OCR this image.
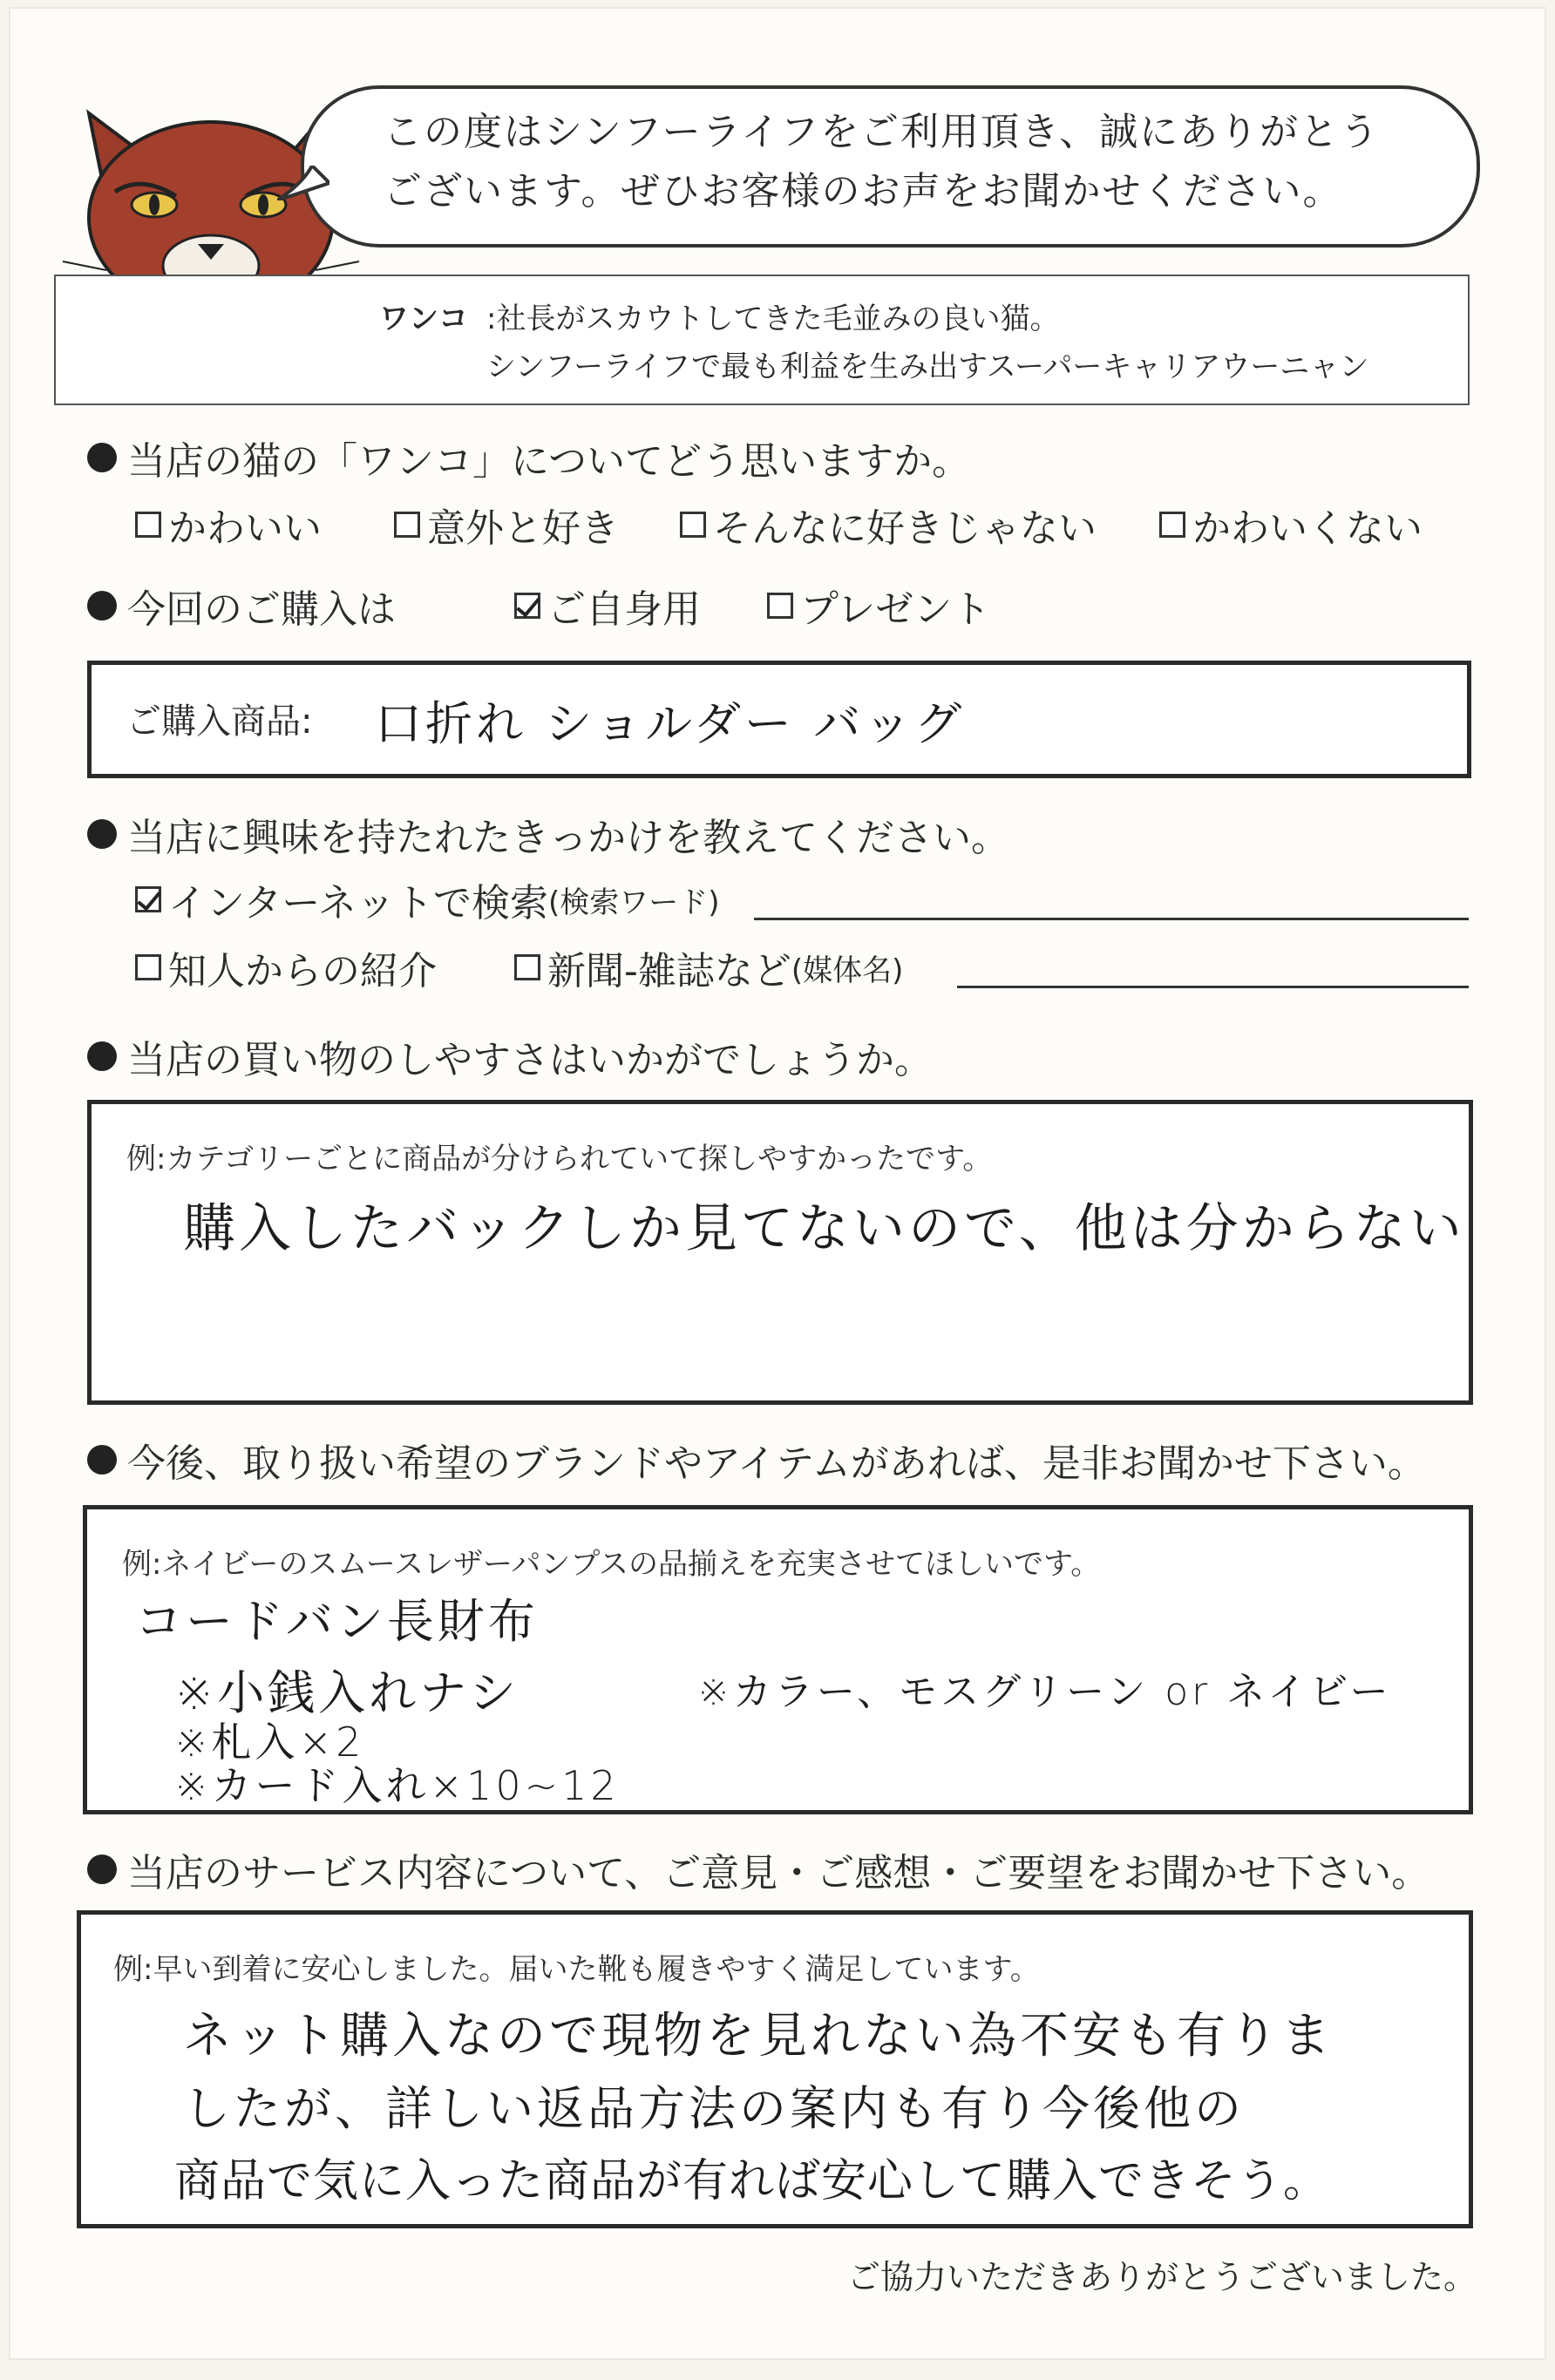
この度はシンフーライフをご利用頂き、誠にありがとう
ございます。ぜひお客様のお声をお聞かせください。
ワンコ :社長がスカウトしてきた毛並みの良い猫。
シンフーライフで最も利益を生み出すスーパーキャリアウーニャン
当店の猫の「ワンコ」についてどう思いますか。
かわいい	意外と好き そんなに好きじゃない	かわいくない
今回のご購入は	ご自身用	プレゼント
ご購入商品: 口折れ ショルダー バッグ
当店に興味を持たれたきっかけを教えてください。
インターネットで検索 (検索ワード)
知人からの紹介	新聞-雑誌など (媒体名)
当店の買い物のしやすさはいかがでしょうか。
例:カテゴリーごとに商品が分けられていて探しやすかったです。
購入したバックしか見てないので、他は分からない
今後、取り扱い希望のブランドやアイテムがあれば、是非お聞かせ下さい。
例:ネイビーのスムースレザーパンプスの品揃えを充実させてほしいです。
コードバン長財布
※小銭入れナシ
※札入×2
※カード入れ×10~12
※カラー、モスグリーン or ネイビー
当店のサービス内容について、ご意見・ご感想・ご要望をお聞かせ下さい。
例:早い到着に安心しました。届いた靴も履きやすく満足しています。
ネット購入なので現物を見れない為不安も有りま
したが、詳しい返品方法の案内も有り今後他の
商品で気に入った商品が有れば安心して購入できそう。
ご協力いただきありがとうございました。
